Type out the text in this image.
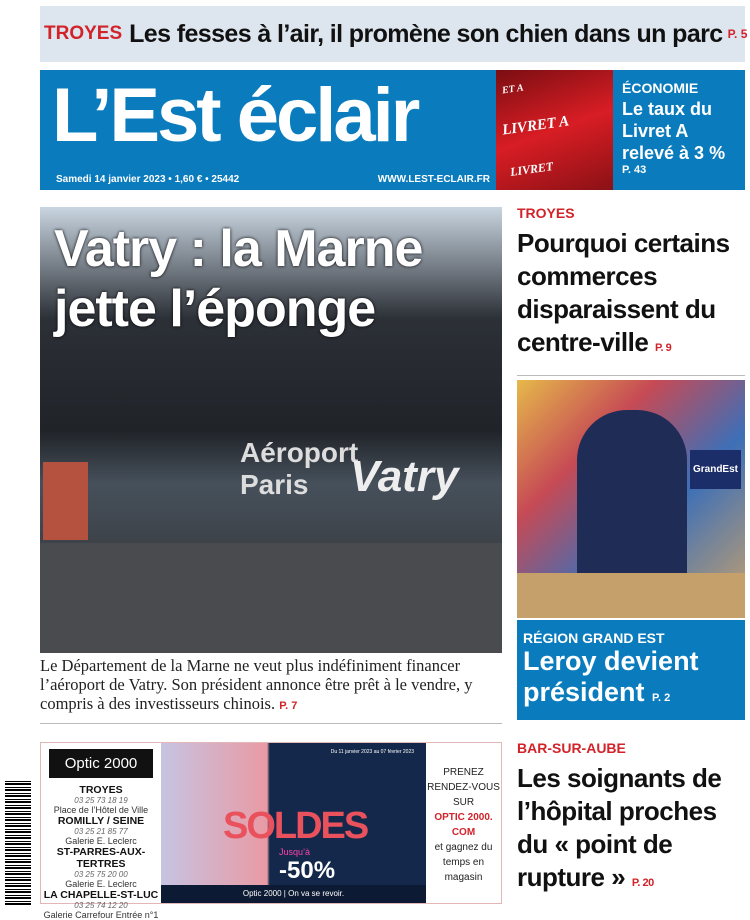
TROYES Les fesses à l’air, il promène son chien dans un parc P. 5
L’Est éclair
Samedi 14 janvier 2023 • 1,60 € • 25442	WWW.LEST-ECLAIR.FR
ET A
LIVRET A
LIVRET
ÉCONOMIE
Le taux du Livret A relevé à 3 %
P. 43
Aéroport Paris Vatry
Vatry : la Marne
jette l’éponge
Le Département de la Marne ne veut plus indéfiniment financer l’aéroport de Vatry. Son président annonce être prêt à le vendre, y compris à des investisseurs chinois. P. 7
TROYES
Pourquoi certains commerces disparaissent du centre-ville P. 9
GrandEst
RÉGION GRAND EST
Leroy devient président P. 2
BAR-SUR-AUBE
Les soignants de l’hôpital proches du « point de rupture » P. 20
Optic 2000
TROYES
03 25 73 18 19
Place de l’Hôtel de Ville
ROMILLY / SEINE
03 25 21 85 77
Galerie E. Leclerc
ST-PARRES-AUX-TERTRES
03 25 75 20 00
Galerie E. Leclerc
LA CHAPELLE-ST-LUC
03 25 74 12 20
Galerie Carrefour Entrée n°1
Du 11 janvier 2023 au 07 février 2023
SOLDES
Jusqu’à
-50%
Optic 2000 | On va se revoir.
PRENEZ RENDEZ-VOUS SUR
OPTIC 2000. COM
et gagnez du temps en magasin
